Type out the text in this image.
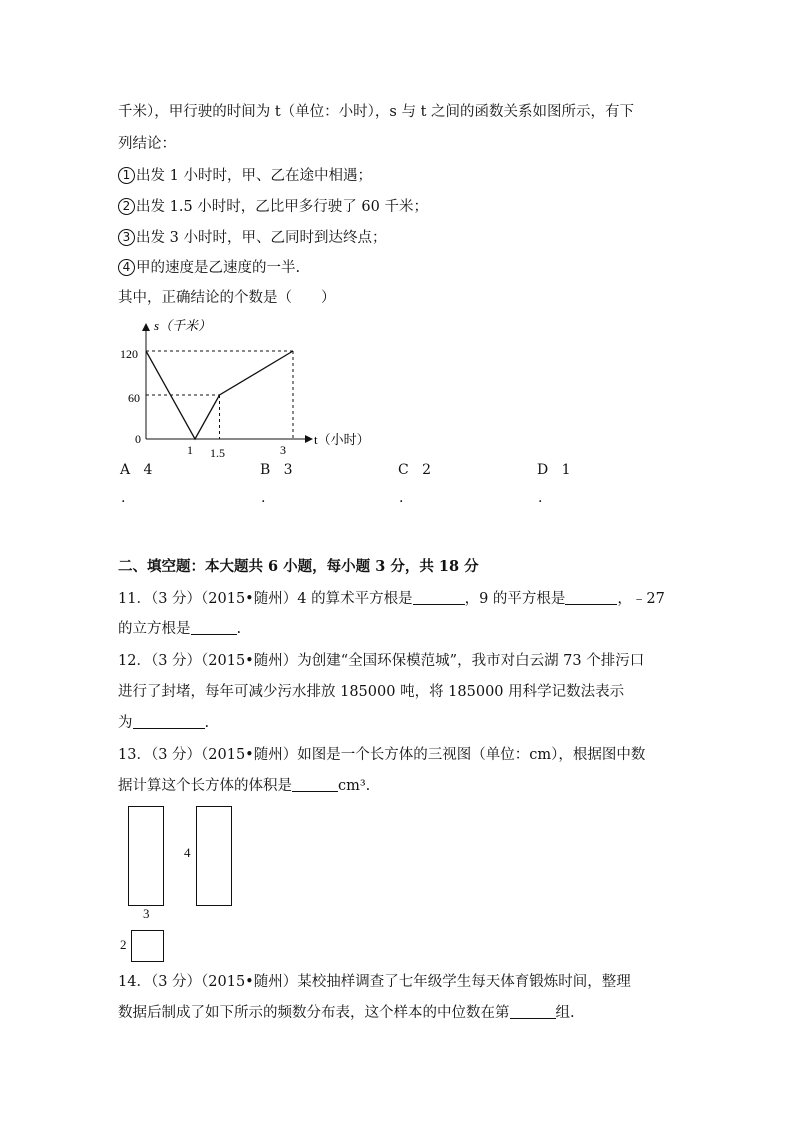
千米），甲行驶的时间为 t（单位：小时），s 与 t 之间的函数关系如图所示，有下
列结论：
1 出发 1 小时时，甲、乙在途中相遇；
2 出发 1.5 小时时，乙比甲多行驶了 60 千米；
3 出发 3 小时时，甲、乙同时到达终点；
4 甲的速度是乙速度的一半.
其中，正确结论的个数是（　　）
s（千米）
t（小时）
0
120
60
1 1.5	3
A 4	B 3	C 2	D 1
.	.	.	.
二、填空题：本大题共 6 小题，每小题 3 分，共 18 分
11．（3 分）（2015•随州）4 的算术平方根是	，9 的平方根是	，﹣27
的立方根是	.
12．（3 分）（2015•随州）为创建“全国环保模范城”，我市对白云湖 73 个排污口
进行了封堵，每年可减少污水排放 185000 吨，将 185000 用科学记数法表示
为	.
13．（3 分）（2015•随州）如图是一个长方体的三视图（单位：cm），根据图中数
据计算这个长方体的体积是	cm³.
3
4
2
14．（3 分）（2015•随州）某校抽样调查了七年级学生每天体育锻炼时间，整理
数据后制成了如下所示的频数分布表，这个样本的中位数在第	组.
